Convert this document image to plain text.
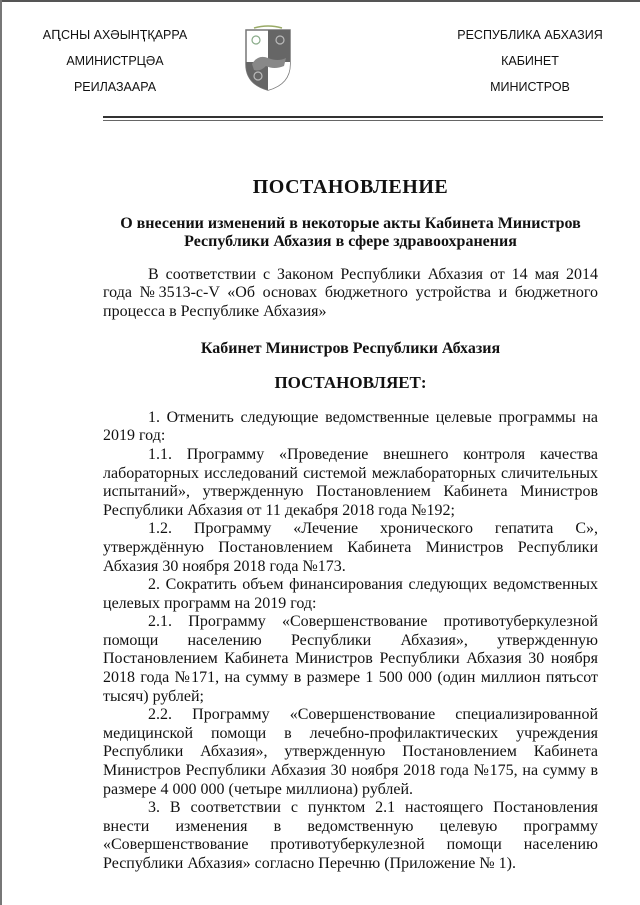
АԤСНЫ АХӘЫНҬҚАРРА
АМИНИСТРЦӘА
РЕИЛАЗААРА
РЕСПУБЛИКА АБХАЗИЯ
КАБИНЕТ
МИНИСТРОВ
ПОСТАНОВЛЕНИЕ
О внесении изменений в некоторые акты Кабинета Министров
Республики Абхазия в сфере здравоохранения

В соответствии с Законом Республики Абхазия от 14 мая 2014 года №3513-с-V «Об основах бюджетного устройства и бюджетного процесса в Республике Абхазия»

Кабинет Министров Республики Абхазия
ПОСТАНОВЛЯЕТ:

1. Отменить следующие ведомственные целевые программы на 2019 год:

1.1. Программу «Проведение внешнего контроля качества лабораторных исследований системой межлабораторных сличительных испытаний», утвержденную Постановлением Кабинета Министров Республики Абхазия от 11 декабря 2018 года №192;

1.2. Программу «Лечение хронического гепатита С», утверждённую Постановлением Кабинета Министров Республики Абхазия 30 ноября 2018 года №173.

2. Сократить объем финансирования следующих ведомственных целевых программ на 2019 год:

2.1. Программу «Совершенствование противотуберкулезной помощи населению Республики Абхазия», утвержденную Постановлением Кабинета Министров Республики Абхазия 30 ноября 2018 года №171, на сумму в размере 1 500 000 (один миллион пятьсот тысяч) рублей;

2.2. Программу «Совершенствование специализированной медицинской помощи в лечебно-профилактических учреждения Республики Абхазия», утвержденную Постановлением Кабинета Министров Республики Абхазия 30 ноября 2018 года №175, на сумму в размере 4 000 000 (четыре миллиона) рублей.

3. В соответствии с пунктом 2.1 настоящего Постановления внести изменения в ведомственную целевую программу «Совершенствование противотуберкулезной помощи населению Республики Абхазия» согласно Перечню (Приложение № 1).
